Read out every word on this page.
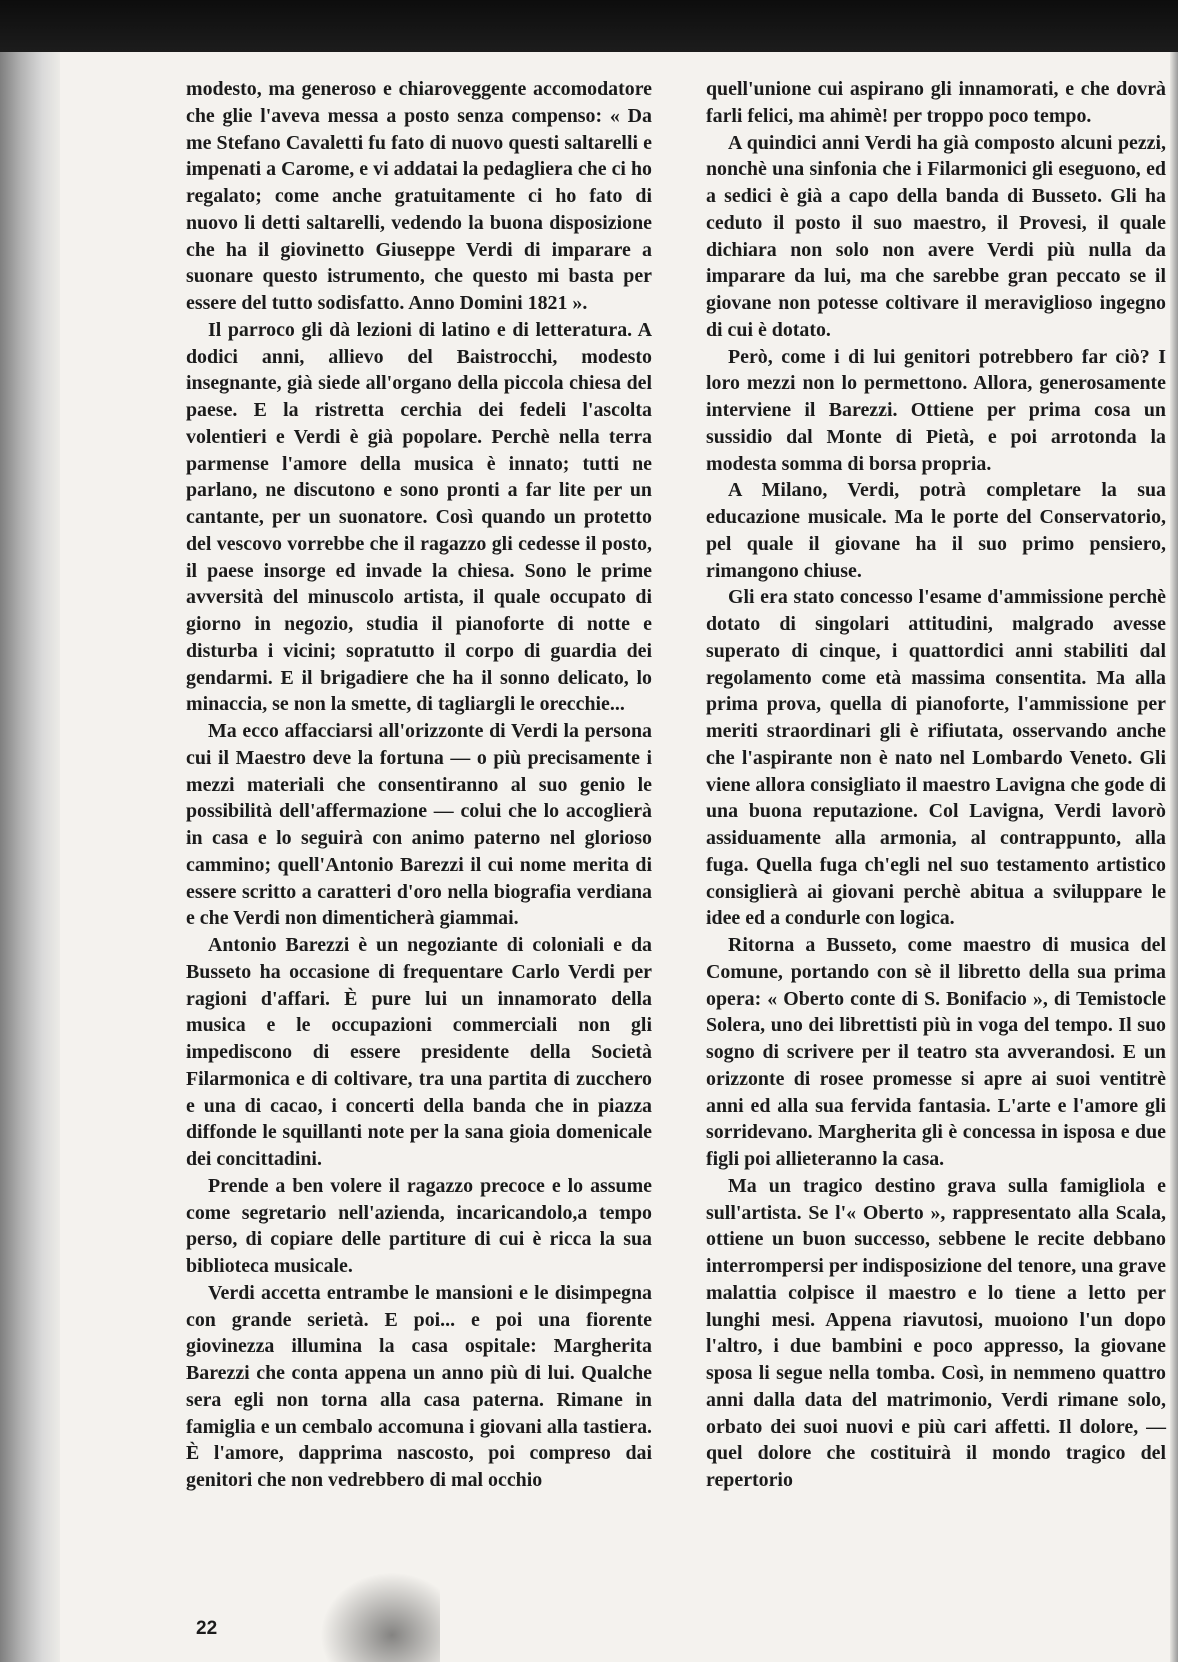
modesto, ma generoso e chiaroveggente accomodatore che glie l'aveva messa a posto senza compenso: « Da me Stefano Cavaletti fu fato di nuovo questi saltarelli e impenati a Carome, e vi addatai la pedagliera che ci ho regalato; come anche gratuitamente ci ho fato di nuovo li detti saltarelli, vedendo la buona disposizione che ha il giovinetto Giuseppe Verdi di imparare a suonare questo istrumento, che questo mi basta per essere del tutto sodisfatto. Anno Domini 1821 ».

Il parroco gli dà lezioni di latino e di letteratura. A dodici anni, allievo del Baistrocchi, modesto insegnante, già siede all'organo della piccola chiesa del paese. E la ristretta cerchia dei fedeli l'ascolta volentieri e Verdi è già popolare. Perchè nella terra parmense l'amore della musica è innato; tutti ne parlano, ne discutono e sono pronti a far lite per un cantante, per un suonatore. Così quando un protetto del vescovo vorrebbe che il ragazzo gli cedesse il posto, il paese insorge ed invade la chiesa. Sono le prime avversità del minuscolo artista, il quale occupato di giorno in negozio, studia il pianoforte di notte e disturba i vicini; sopratutto il corpo di guardia dei gendarmi. E il brigadiere che ha il sonno delicato, lo minaccia, se non la smette, di tagliargli le orecchie...

Ma ecco affacciarsi all'orizzonte di Verdi la persona cui il Maestro deve la fortuna — o più precisamente i mezzi materiali che consentiranno al suo genio le possibilità dell'affermazione — colui che lo accoglierà in casa e lo seguirà con animo paterno nel glorioso cammino; quell'Antonio Barezzi il cui nome merita di essere scritto a caratteri d'oro nella biografia verdiana e che Verdi non dimenticherà giammai.

Antonio Barezzi è un negoziante di coloniali e da Busseto ha occasione di frequentare Carlo Verdi per ragioni d'affari. È pure lui un innamorato della musica e le occupazioni commerciali non gli impediscono di essere presidente della Società Filarmonica e di coltivare, tra una partita di zucchero e una di cacao, i concerti della banda che in piazza diffonde le squillanti note per la sana gioia domenicale dei concittadini.

Prende a ben volere il ragazzo precoce e lo assume come segretario nell'azienda, incaricandolo,a tempo perso, di copiare delle partiture di cui è ricca la sua biblioteca musicale.

Verdi accetta entrambe le mansioni e le disimpegna con grande serietà. E poi... e poi una fiorente giovinezza illumina la casa ospitale: Margherita Barezzi che conta appena un anno più di lui. Qualche sera egli non torna alla casa paterna. Rimane in famiglia e un cembalo accomuna i giovani alla tastiera. È l'amore, dapprima nascosto, poi compreso dai genitori che non vedrebbero di mal occhio

quell'unione cui aspirano gli innamorati, e che dovrà farli felici, ma ahimè! per troppo poco tempo.

A quindici anni Verdi ha già composto alcuni pezzi, nonchè una sinfonia che i Filarmonici gli eseguono, ed a sedici è già a capo della banda di Busseto. Gli ha ceduto il posto il suo maestro, il Provesi, il quale dichiara non solo non avere Verdi più nulla da imparare da lui, ma che sarebbe gran peccato se il giovane non potesse coltivare il meraviglioso ingegno di cui è dotato.

Però, come i di lui genitori potrebbero far ciò? I loro mezzi non lo permettono. Allora, generosamente interviene il Barezzi. Ottiene per prima cosa un sussidio dal Monte di Pietà, e poi arrotonda la modesta somma di borsa propria.

A Milano, Verdi, potrà completare la sua educazione musicale. Ma le porte del Conservatorio, pel quale il giovane ha il suo primo pensiero, rimangono chiuse.

Gli era stato concesso l'esame d'ammissione perchè dotato di singolari attitudini, malgrado avesse superato di cinque, i quattordici anni stabiliti dal regolamento come età massima consentita. Ma alla prima prova, quella di pianoforte, l'ammissione per meriti straordinari gli è rifiutata, osservando anche che l'aspirante non è nato nel Lombardo Veneto. Gli viene allora consigliato il maestro Lavigna che gode di una buona reputazione. Col Lavigna, Verdi lavorò assiduamente alla armonia, al contrappunto, alla fuga. Quella fuga ch'egli nel suo testamento artistico consiglierà ai giovani perchè abitua a sviluppare le idee ed a condurle con logica.

Ritorna a Busseto, come maestro di musica del Comune, portando con sè il libretto della sua prima opera: « Oberto conte di S. Bonifacio », di Temistocle Solera, uno dei librettisti più in voga del tempo. Il suo sogno di scrivere per il teatro sta avverandosi. E un orizzonte di rosee promesse si apre ai suoi ventitrè anni ed alla sua fervida fantasia. L'arte e l'amore gli sorridevano. Margherita gli è concessa in isposa e due figli poi allieteranno la casa.

Ma un tragico destino grava sulla famigliola e sull'artista. Se l'« Oberto », rappresentato alla Scala, ottiene un buon successo, sebbene le recite debbano interrompersi per indisposizione del tenore, una grave malattia colpisce il maestro e lo tiene a letto per lunghi mesi. Appena riavutosi, muoiono l'un dopo l'altro, i due bambini e poco appresso, la giovane sposa li segue nella tomba. Così, in nemmeno quattro anni dalla data del matrimonio, Verdi rimane solo, orbato dei suoi nuovi e più cari affetti. Il dolore, — quel dolore che costituirà il mondo tragico del repertorio

22
